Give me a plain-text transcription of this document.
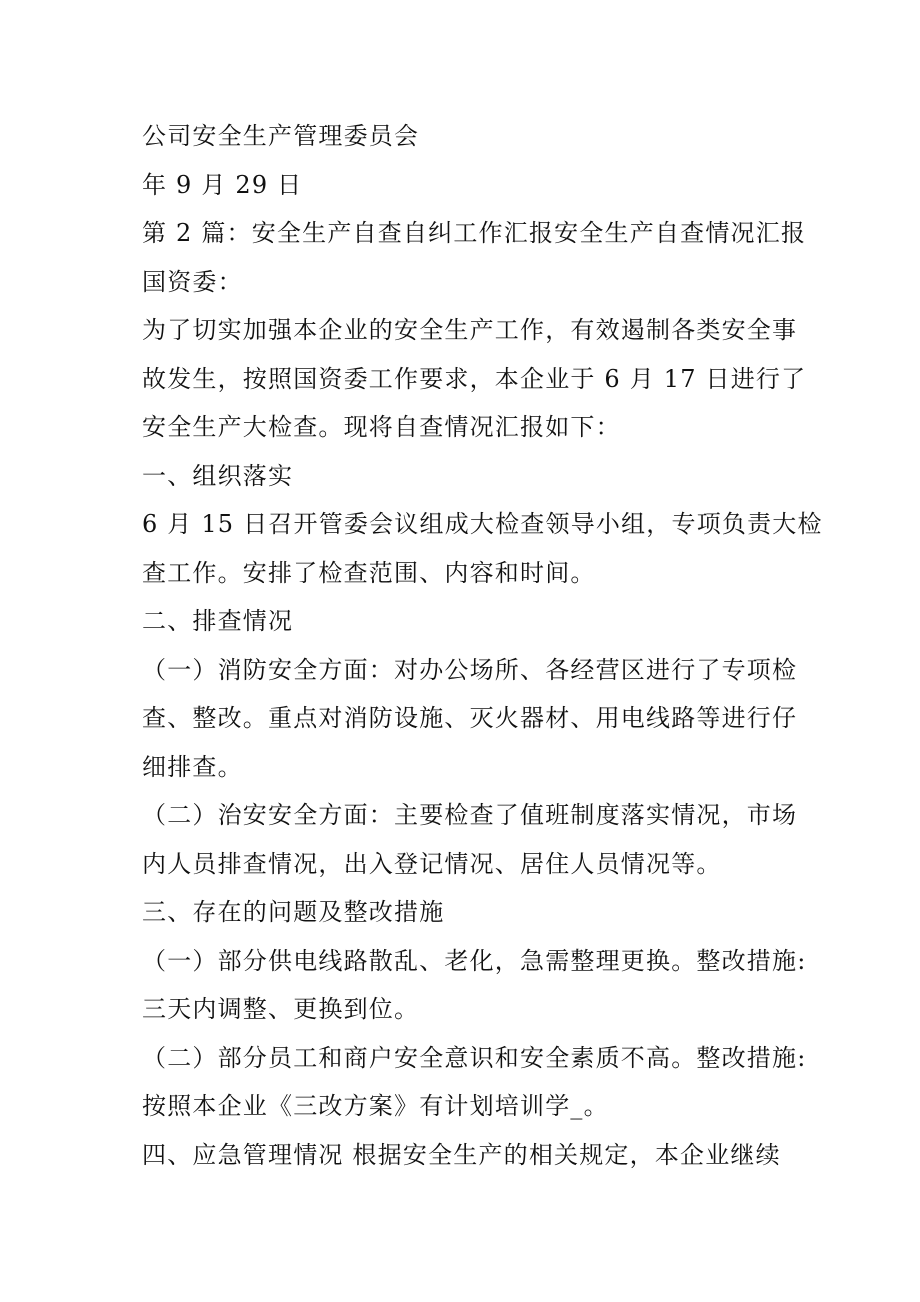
公司安全生产管理委员会
年 9 月 29 日
第 2 篇：安全生产自查自纠工作汇报安全生产自查情况汇报
国资委：
为了切实加强本企业的安全生产工作，有效遏制各类安全事
故发生，按照国资委工作要求，本企业于 6 月 17 日进行了
安全生产大检查。现将自查情况汇报如下：
一、组织落实
6 月 15 日召开管委会议组成大检查领导小组，专项负责大检
查工作。安排了检查范围、内容和时间。
二、排查情况
（一）消防安全方面：对办公场所、各经营区进行了专项检
查、整改。重点对消防设施、灭火器材、用电线路等进行仔
细排查。
（二）治安安全方面：主要检查了值班制度落实情况，市场
内人员排查情况，出入登记情况、居住人员情况等。
三、存在的问题及整改措施
（一）部分供电线路散乱、老化，急需整理更换。整改措施:
三天内调整、更换到位。
（二）部分员工和商户安全意识和安全素质不高。整改措施:
按照本企业《三改方案》有计划培训学_。
四、应急管理情况 根据安全生产的相关规定，本企业继续
